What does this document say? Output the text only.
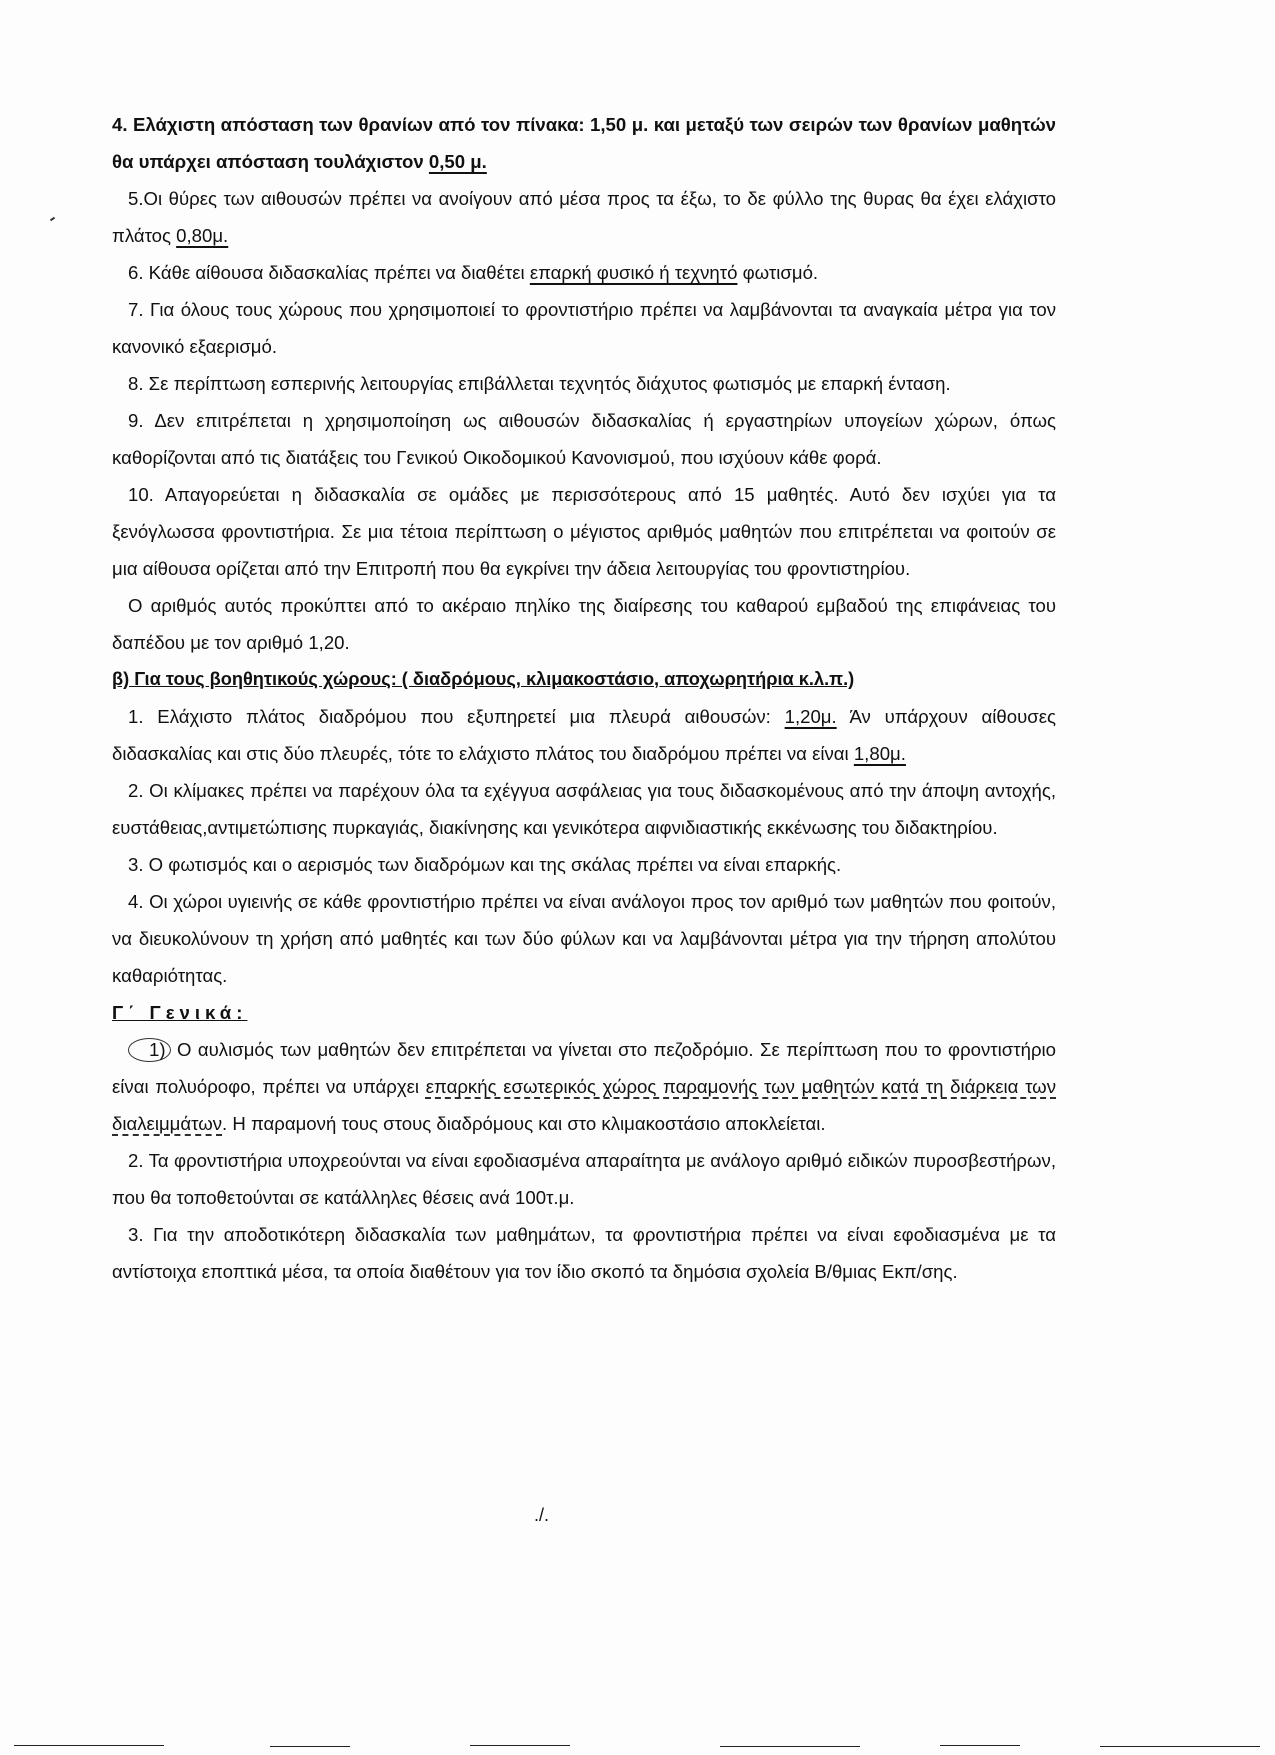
4. Ελάχιστη απόσταση των θρανίων από τον πίνακα: 1,50 μ. και μεταξύ των σειρών των θρανίων μαθητών θα υπάρχει απόσταση τουλάχιστον 0,50 μ.

5.Οι θύρες των αιθουσών πρέπει να ανοίγουν από μέσα προς τα έξω, το δε φύλλο της θυρας θα έχει ελάχιστο πλάτος 0,80μ.

6. Κάθε αίθουσα διδασκαλίας πρέπει να διαθέτει επαρκή φυσικό ή τεχνητό φωτισμό.

7. Για όλους τους χώρους που χρησιμοποιεί το φροντιστήριο πρέπει να λαμβάνονται τα αναγκαία μέτρα για τον κανονικό εξαερισμό.

8. Σε περίπτωση εσπερινής λειτουργίας επιβάλλεται τεχνητός διάχυτος φωτισμός με επαρκή ένταση.

9. Δεν επιτρέπεται η χρησιμοποίηση ως αιθουσών διδασκαλίας ή εργαστηρίων υπογείων χώρων, όπως καθορίζονται από τις διατάξεις του Γενικού Οικοδομικού Κανονισμού, που ισχύουν κάθε φορά.

10. Απαγορεύεται η διδασκαλία σε ομάδες με περισσότερους από 15 μαθητές. Αυτό δεν ισχύει για τα ξενόγλωσσα φροντιστήρια. Σε μια τέτοια περίπτωση ο μέγιστος αριθμός μαθητών που επιτρέπεται να φοιτούν σε μια αίθουσα ορίζεται από την Επιτροπή που θα εγκρίνει την άδεια λειτουργίας του φροντιστηρίου.

Ο αριθμός αυτός προκύπτει από το ακέραιο πηλίκο της διαίρεσης του καθαρού εμβαδού της επιφάνειας του δαπέδου με τον αριθμό 1,20.

β) Για τους βοηθητικούς χώρους: ( διαδρόμους, κλιμακοστάσιο, αποχωρητήρια κ.λ.π.)

1. Ελάχιστο πλάτος διαδρόμου που εξυπηρετεί μια πλευρά αιθουσών: 1,20μ. Άν υπάρχουν αίθουσες διδασκαλίας και στις δύο πλευρές, τότε το ελάχιστο πλάτος του διαδρόμου πρέπει να είναι 1,80μ.

2. Οι κλίμακες πρέπει να παρέχουν όλα τα εχέγγυα ασφάλειας για τους διδασκομένους από την άποψη αντοχής, ευστάθειας,αντιμετώπισης πυρκαγιάς, διακίνησης και γενικότερα αιφνιδιαστικής εκκένωσης του διδακτηρίου.

3. Ο φωτισμός και ο αερισμός των διαδρόμων και της σκάλας πρέπει να είναι επαρκής.

4. Οι χώροι υγιεινής σε κάθε φροντιστήριο πρέπει να είναι ανάλογοι προς τον αριθμό των μαθητών που φοιτούν, να διευκολύνουν τη χρήση από μαθητές και των δύο φύλων και να λαμβάνονται μέτρα για την τήρηση απολύτου καθαριότητας.

Γ΄ Γενικά:

1) Ο αυλισμός των μαθητών δεν επιτρέπεται να γίνεται στο πεζοδρόμιο. Σε περίπτωση που το φροντιστήριο είναι πολυόροφο, πρέπει να υπάρχει επαρκής εσωτερικός χώρος παραμονής των μαθητών κατά τη διάρκεια των διαλειμμάτων. Η παραμονή τους στους διαδρόμους και στο κλιμακοστάσιο αποκλείεται.

2. Τα φροντιστήρια υποχρεούνται να είναι εφοδιασμένα απαραίτητα με ανάλογο αριθμό ειδικών πυροσβεστήρων, που θα τοποθετούνται σε κατάλληλες θέσεις ανά 100τ.μ.

3. Για την αποδοτικότερη διδασκαλία των μαθημάτων, τα φροντιστήρια πρέπει να είναι εφοδιασμένα με τα αντίστοιχα εποπτικά μέσα, τα οποία διαθέτουν για τον ίδιο σκοπό τα δημόσια σχολεία Β/θμιας Εκπ/σης.

./.
